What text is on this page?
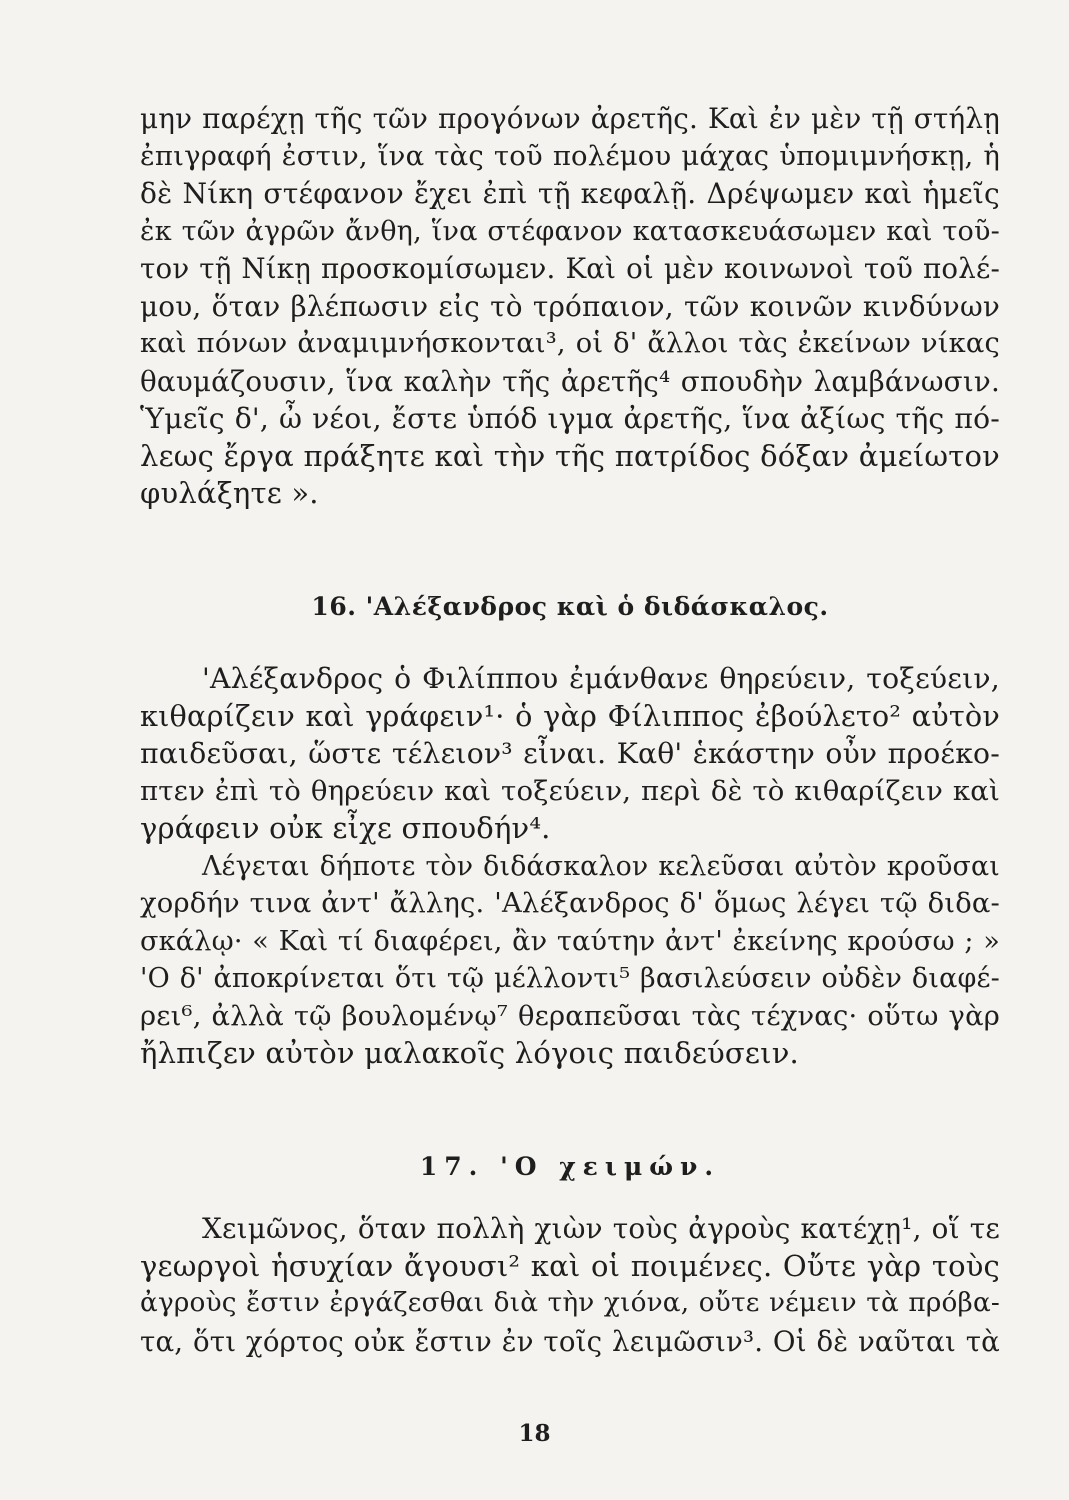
μην παρέχῃ τῆς τῶν προγόνων ἀρετῆς. Καὶ ἐν μὲν τῇ στήλῃ
ἐπιγραφή ἐστιν, ἵνα τὰς τοῦ πολέμου μάχας ὑπομιμνήσκῃ, ἡ
δὲ Νίκη στέφανον ἔχει ἐπὶ τῇ κεφαλῇ. Δρέψωμεν καὶ ἡμεῖς
ἐκ τῶν ἀγρῶν ἄνθη, ἵνα στέφανον κατασκευάσωμεν καὶ τοῦ-
τον τῇ Νίκῃ προσκομίσωμεν. Καὶ οἱ μὲν κοινωνοὶ τοῦ πολέ-
μου, ὅταν βλέπωσιν εἰς τὸ τρόπαιον, τῶν κοινῶν κινδύνων
καὶ πόνων ἀναμιμνήσκονται³, οἱ δ' ἄλλοι τὰς ἐκείνων νίκας
θαυμάζουσιν, ἵνα καλὴν τῆς ἀρετῆς⁴ σπουδὴν λαμβάνωσιν.
Ὑμεῖς δ', ὦ νέοι, ἔστε ὑπόδ ιγμα ἀρετῆς, ἵνα ἀξίως τῆς πό-
λεως ἔργα πράξητε καὶ τὴν τῆς πατρίδος δόξαν ἀμείωτον
φυλάξητε ».
16. 'Αλέξανδρος καὶ ὁ διδάσκαλος.
'Αλέξανδρος ὁ Φιλίππου ἐμάνθανε θηρεύειν, τοξεύειν,
κιθαρίζειν καὶ γράφειν¹· ὁ γὰρ Φίλιππος ἐβούλετο² αὐτὸν
παιδεῦσαι, ὥστε τέλειον³ εἶναι. Καθ' ἑκάστην οὖν προέκο-
πτεν ἐπὶ τὸ θηρεύειν καὶ τοξεύειν, περὶ δὲ τὸ κιθαρίζειν καὶ
γράφειν οὐκ εἶχε σπουδήν⁴.
Λέγεται δήποτε τὸν διδάσκαλον κελεῦσαι αὐτὸν κροῦσαι
χορδήν τινα ἀντ' ἄλλης. 'Αλέξανδρος δ' ὅμως λέγει τῷ διδα-
σκάλῳ· « Καὶ τί διαφέρει, ἂν ταύτην ἀντ' ἐκείνης κρούσω ; »
'Ο δ' ἀποκρίνεται ὅτι τῷ μέλλοντι⁵ βασιλεύσειν οὐδὲν διαφέ-
ρει⁶, ἀλλὰ τῷ βουλομένῳ⁷ θεραπεῦσαι τὰς τέχνας· οὕτω γὰρ
ἤλπιζεν αὐτὸν μαλακοῖς λόγοις παιδεύσειν.
17. 'Ο χειμών.
Χειμῶνος, ὅταν πολλὴ χιὼν τοὺς ἀγροὺς κατέχῃ¹, οἵ τε
γεωργοὶ ἡσυχίαν ἄγουσι² καὶ οἱ ποιμένες. Οὔτε γὰρ τοὺς
ἀγροὺς ἔστιν ἐργάζεσθαι διὰ τὴν χιόνα, οὔτε νέμειν τὰ πρόβα-
τα, ὅτι χόρτος οὐκ ἔστιν ἐν τοῖς λειμῶσιν³. Οἱ δὲ ναῦται τὰ
18
